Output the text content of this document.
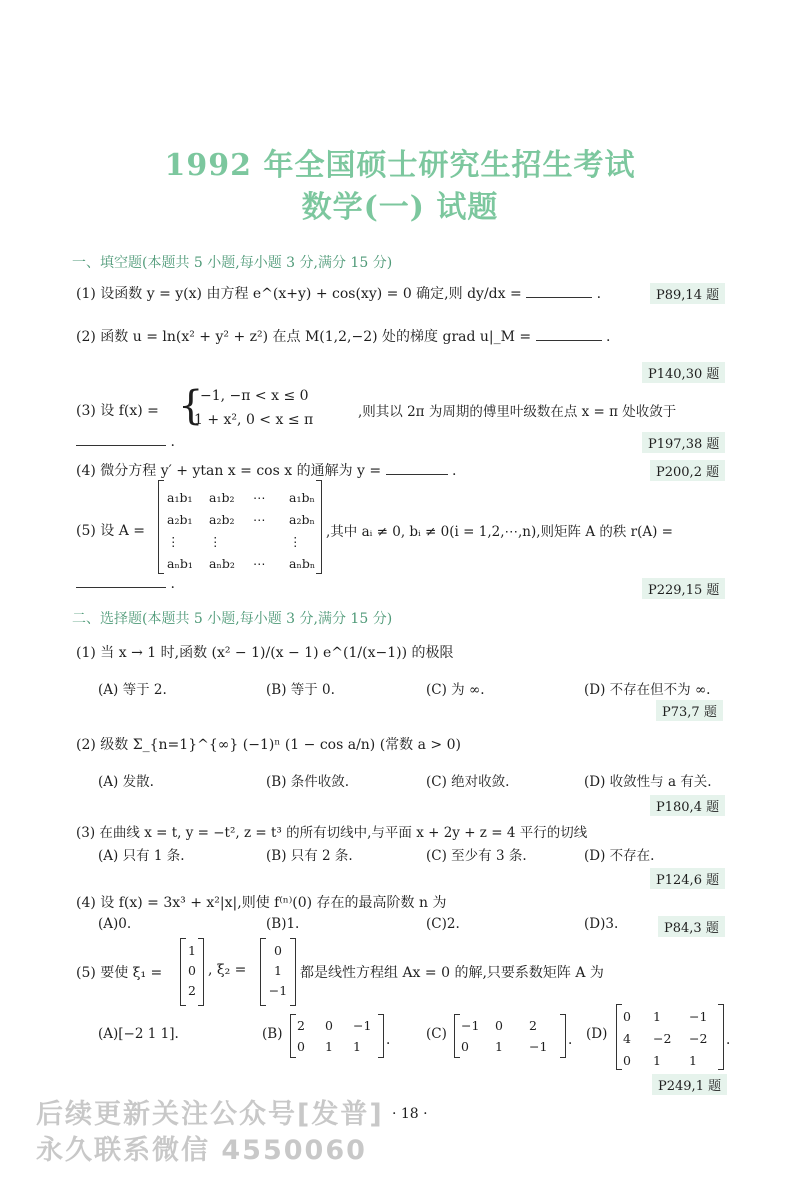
1992 年全国硕士研究生招生考试
数学(一) 试题
一、填空题(本题共 5 小题,每小题 3 分,满分 15 分)
(1) 设函数 y = y(x) 由方程 e^(x+y) + cos(xy) = 0 确定,则 dy/dx =	.	P89,14 题
(2) 函数 u = ln(x² + y² + z²) 在点 M(1,2,−2) 处的梯度 grad u|_M =	.
P140,30 题
(3) 设 f(x) = {
−1, −π < x ≤ 0
1 + x², 0 < x ≤ π	,则其以 2π 为周期的傅里叶级数在点 x = π 处收敛于
.	P197,38 题
(4) 微分方程 y′ + ytan x = cos x 的通解为 y =	.	P200,2 题
(5) 设 A =
a₁b₁	a₁b₂	⋯	a₁bₙ
a₂b₁	a₂b₂	⋯	a₂bₙ
⋮	⋮		⋮
aₙb₁	aₙb₂	⋯	aₙbₙ
,其中 aᵢ ≠ 0, bᵢ ≠ 0(i = 1,2,⋯,n),则矩阵 A 的秩 r(A) =
.	P229,15 题
二、选择题(本题共 5 小题,每小题 3 分,满分 15 分)
(1) 当 x → 1 时,函数 (x² − 1)/(x − 1) e^(1/(x−1)) 的极限
(A) 等于 2.	(B) 等于 0.	(C) 为 ∞.	(D) 不存在但不为 ∞.
P73,7 题
(2) 级数 Σ_{n=1}^{∞} (−1)ⁿ (1 − cos a/n) (常数 a > 0)
(A) 发散.	(B) 条件收敛.	(C) 绝对收敛.	(D) 收敛性与 a 有关.
P180,4 题
(3) 在曲线 x = t, y = −t², z = t³ 的所有切线中,与平面 x + 2y + z = 4 平行的切线
(A) 只有 1 条.	(B) 只有 2 条.	(C) 至少有 3 条.	(D) 不存在.
P124,6 题
(4) 设 f(x) = 3x³ + x²|x|,则使 f⁽ⁿ⁾(0) 存在的最高阶数 n 为
(A)0.	(B)1.	(C)2.	(D)3.	P84,3 题
(5) 要使 ξ₁ =
1
0
2
, ξ₂ =
0
1
−1
都是线性方程组 Ax = 0 的解,只要系数矩阵 A 为
(A)[−2 1 1].	(B)
2	0	−1
0	1	1 .	(C)
−1	0	2
0	1	−1 . (D)
0	1	−1
4	−2	−2
0	1	1
.
P249,1 题
· 18 ·
后续更新关注公众号[发普]
永久联系微信 4550060
